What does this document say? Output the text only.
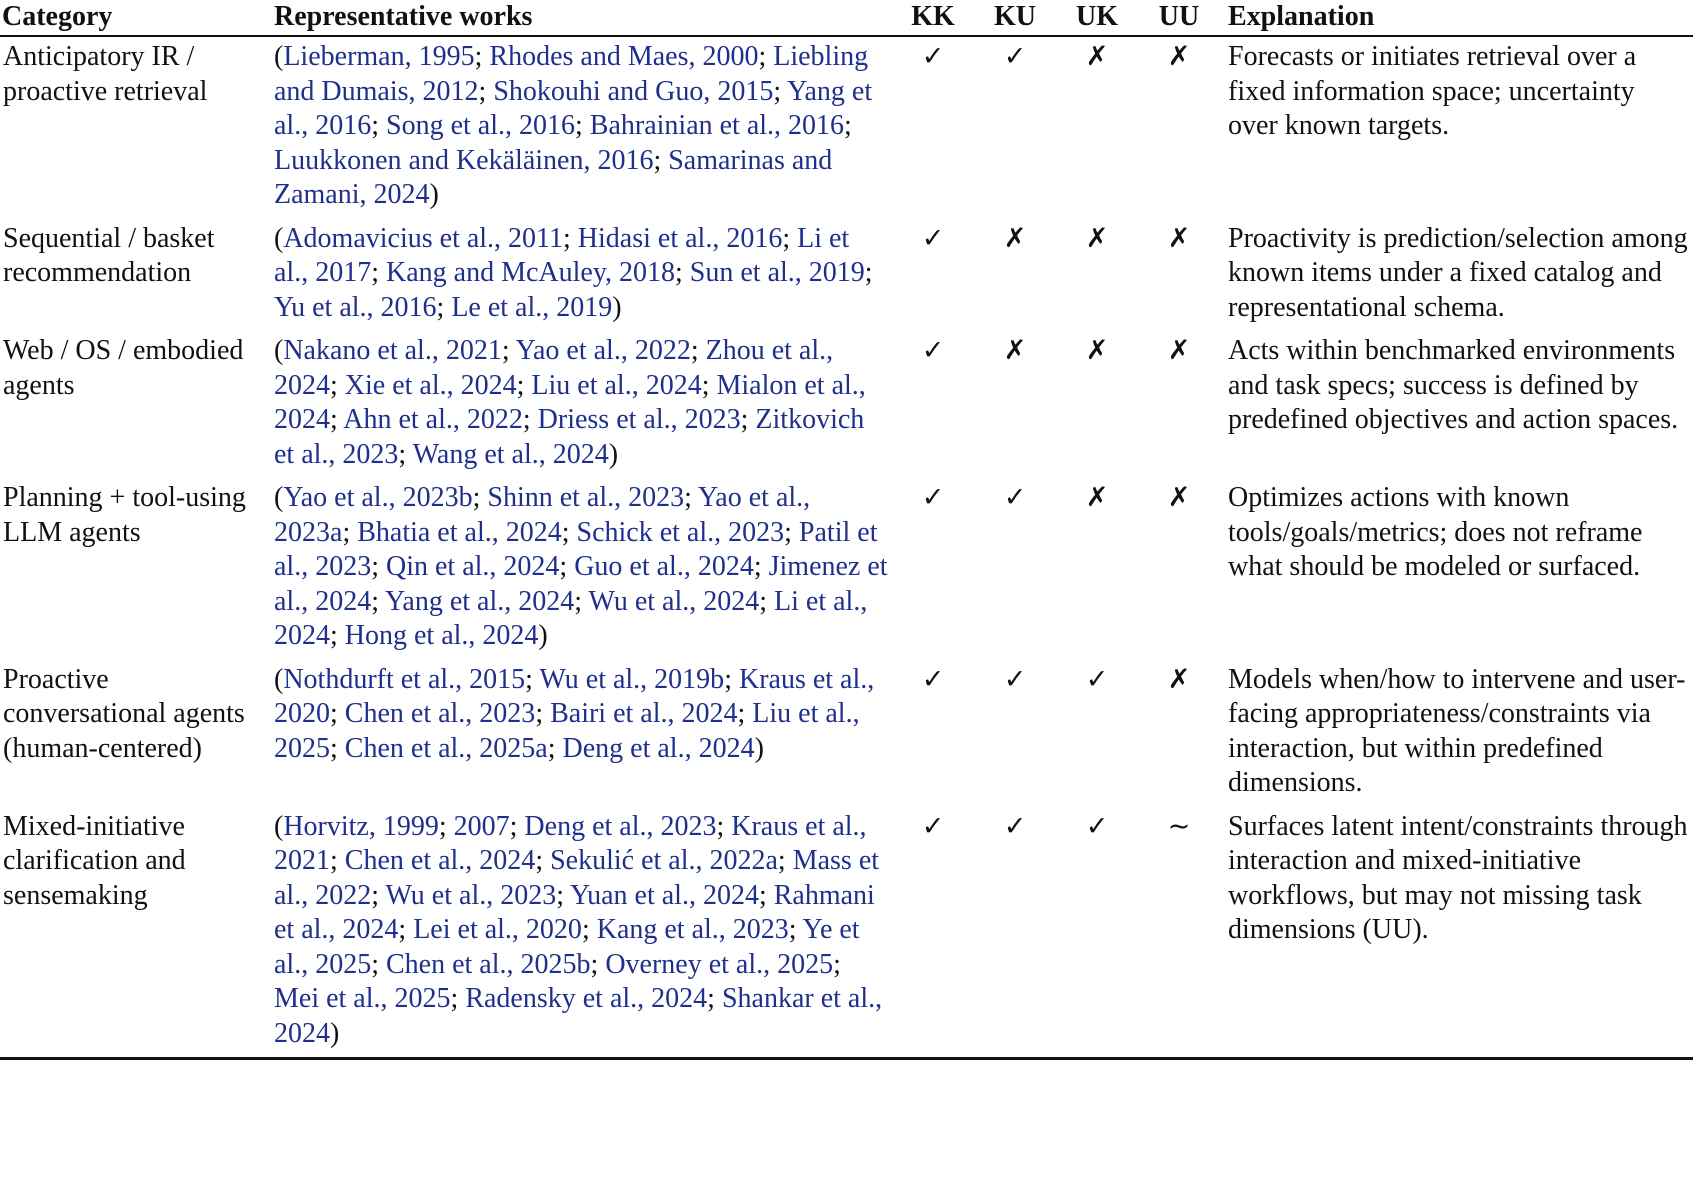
Category	Representative works	KK	KU	UK	UU	Explanation
Anticipatory IR / proactive retrieval	(Lieberman, 1995; Rhodes and Maes, 2000; Liebling and Dumais, 2012; Shokouhi and Guo, 2015; Yang et al., 2016; Song et al., 2016; Bahrainian et al., 2016; Luukkonen and Kekäläinen, 2016; Samarinas and Zamani, 2024)	✓	✓	✗	✗	Forecasts or initiates retrieval over a fixed information space; uncertainty over known targets.
Sequential / basket recommendation	(Adomavicius et al., 2011; Hidasi et al., 2016; Li et al., 2017; Kang and McAuley, 2018; Sun et al., 2019; Yu et al., 2016; Le et al., 2019)	✓	✗	✗	✗	Proactivity is prediction/selection among known items under a fixed catalog and representational schema.
Web / OS / embodied agents	(Nakano et al., 2021; Yao et al., 2022; Zhou et al., 2024; Xie et al., 2024; Liu et al., 2024; Mialon et al., 2024; Ahn et al., 2022; Driess et al., 2023; Zitkovich et al., 2023; Wang et al., 2024)	✓	✗	✗	✗	Acts within benchmarked environments and task specs; success is defined by predefined objectives and action spaces.
Planning + tool-using LLM agents	(Yao et al., 2023b; Shinn et al., 2023; Yao et al., 2023a; Bhatia et al., 2024; Schick et al., 2023; Patil et al., 2023; Qin et al., 2024; Guo et al., 2024; Jimenez et al., 2024; Yang et al., 2024; Wu et al., 2024; Li et al., 2024; Hong et al., 2024)	✓	✓	✗	✗	Optimizes actions with known tools/goals/metrics; does not reframe what should be modeled or surfaced.
Proactive conversational agents (human-centered)	(Nothdurft et al., 2015; Wu et al., 2019b; Kraus et al., 2020; Chen et al., 2023; Bairi et al., 2024; Liu et al., 2025; Chen et al., 2025a; Deng et al., 2024)	✓	✓	✓	✗	Models when/how to intervene and user-facing appropriateness/constraints via interaction, but within predefined dimensions.
Mixed-initiative clarification and sensemaking	(Horvitz, 1999; 2007; Deng et al., 2023; Kraus et al., 2021; Chen et al., 2024; Sekulić et al., 2022a; Mass et al., 2022; Wu et al., 2023; Yuan et al., 2024; Rahmani et al., 2024; Lei et al., 2020; Kang et al., 2023; Ye et al., 2025; Chen et al., 2025b; Overney et al., 2025; Mei et al., 2025; Radensky et al., 2024; Shankar et al., 2024)	✓	✓	✓	∼	Surfaces latent intent/constraints through interaction and mixed-initiative workflows, but may not missing task dimensions (UU).
